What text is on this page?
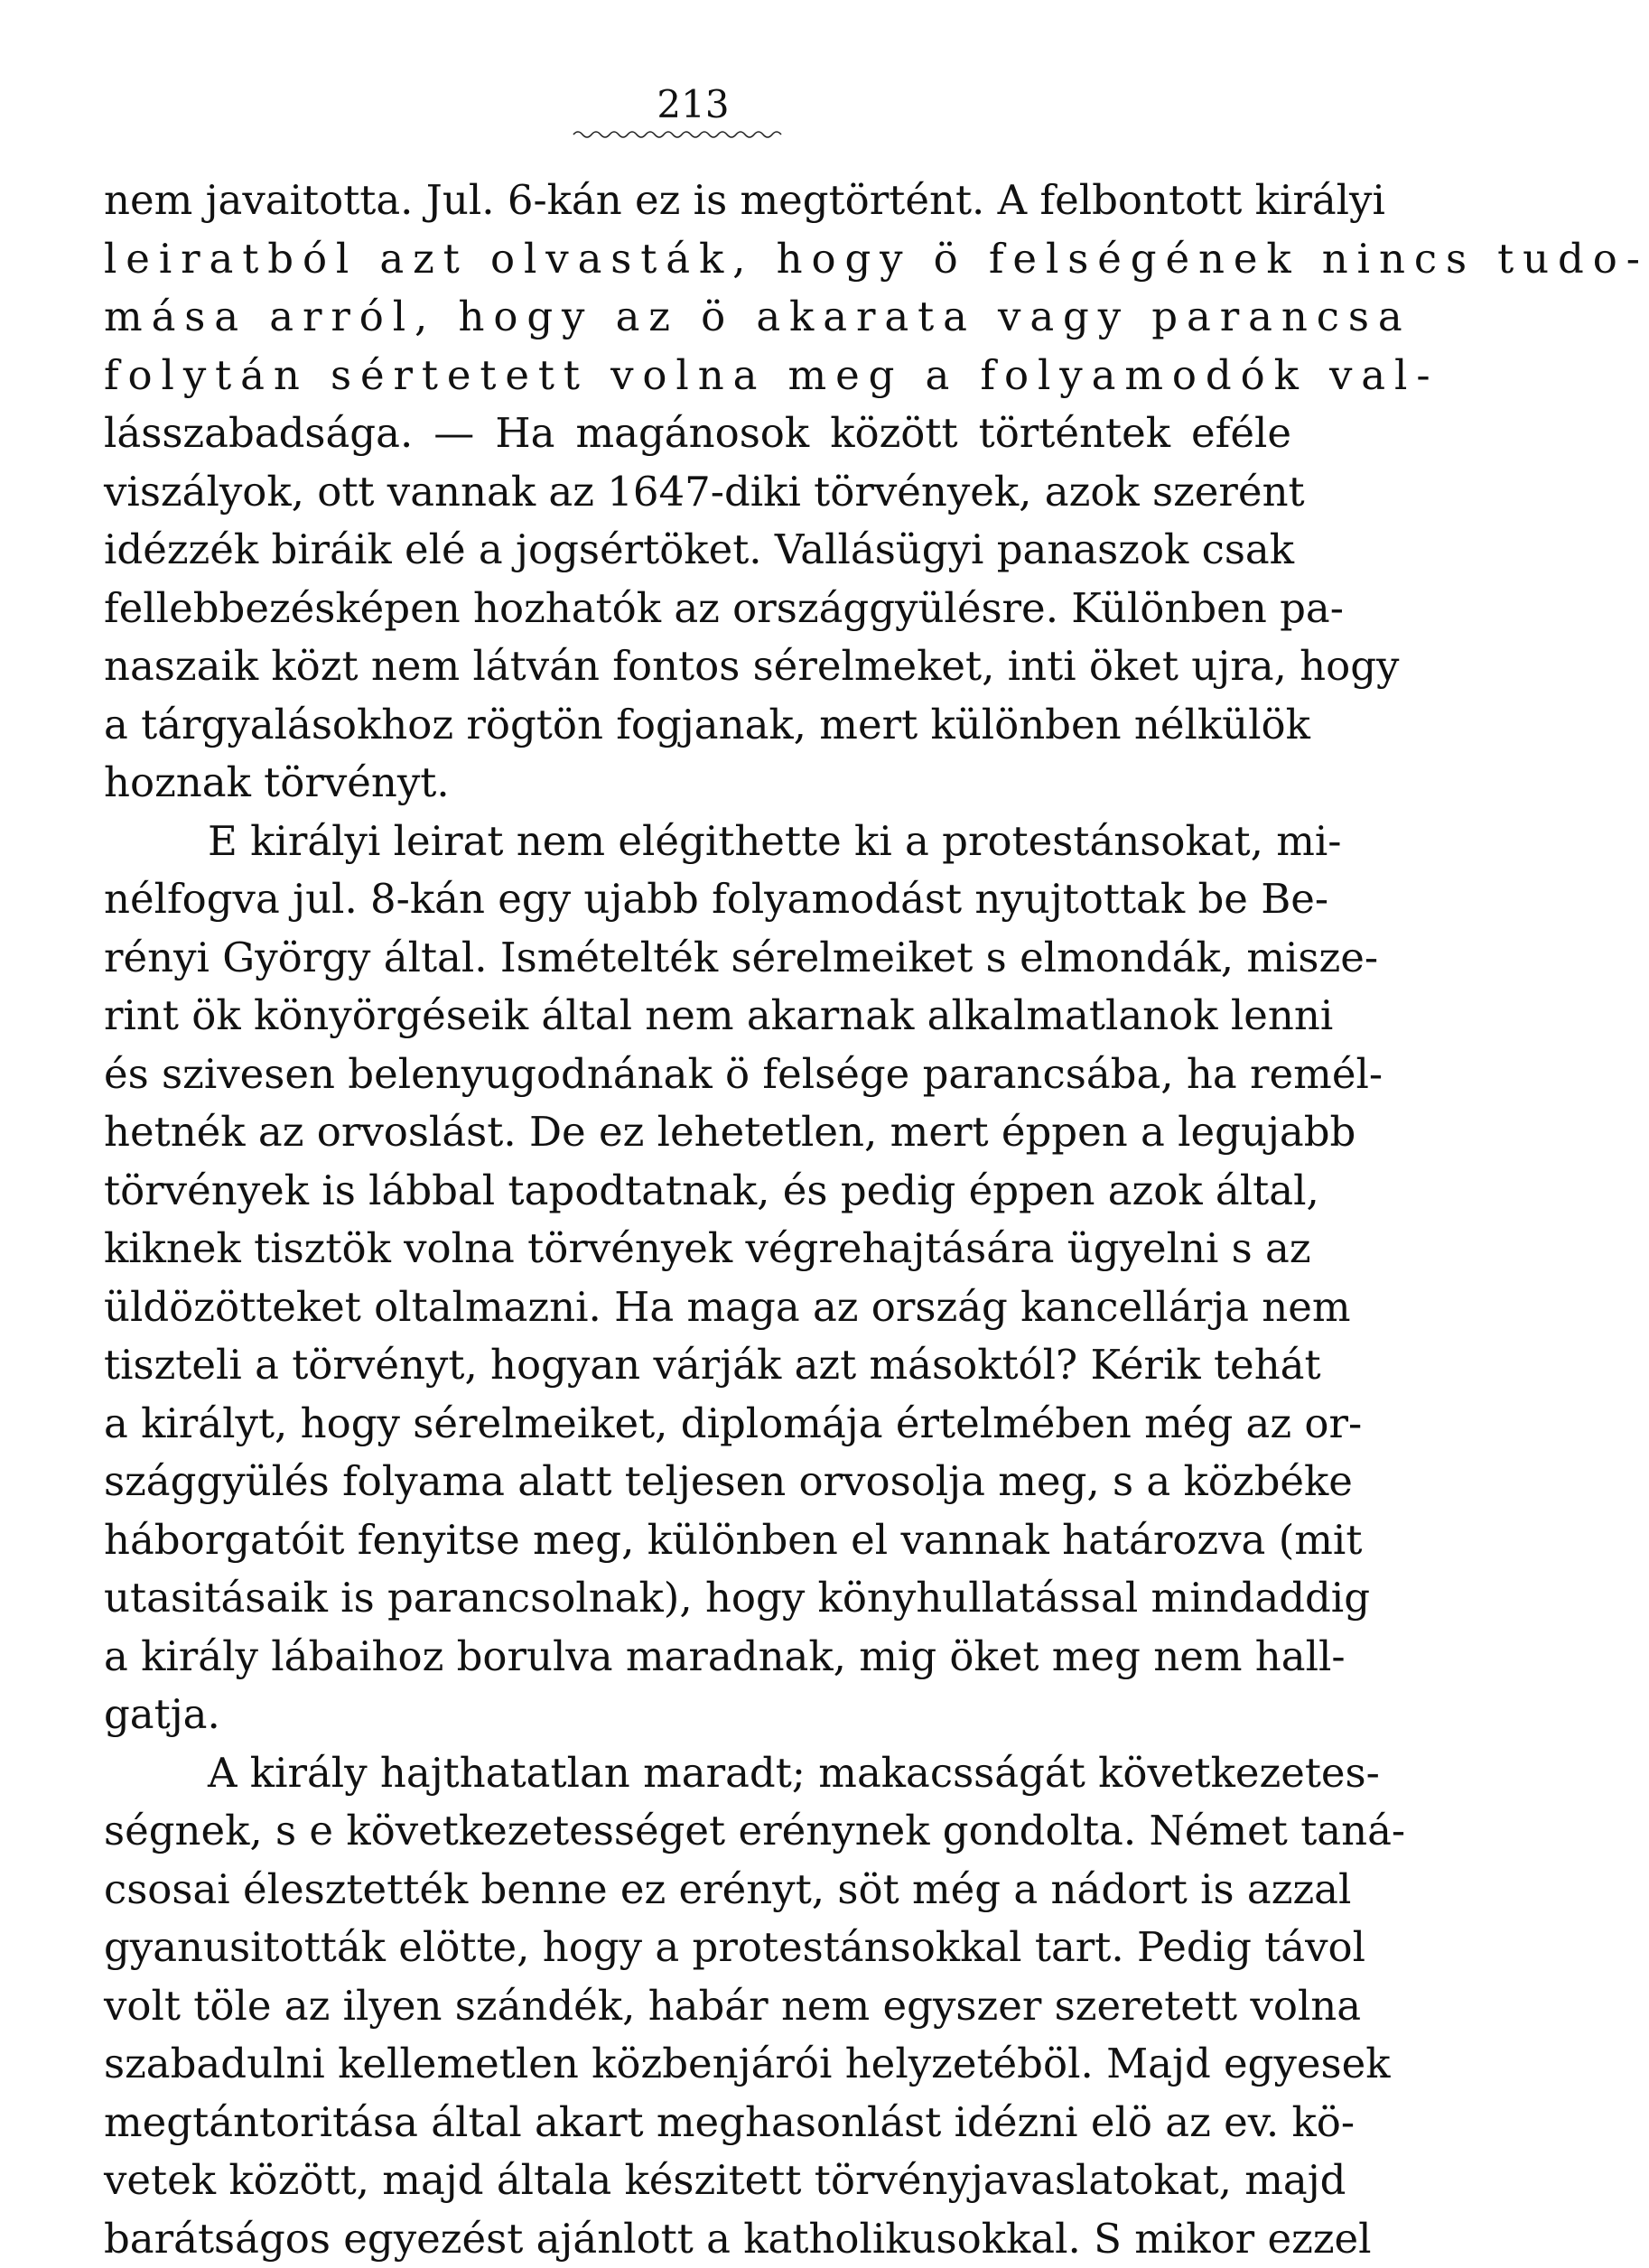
213
nem javaitotta. Jul. 6-kán ez is megtörtént. A felbontott királyi
leiratból azt olvasták, hogy ö felségének nincs tudo-
mása arról, hogy az ö akarata vagy parancsa
folytán sértetett volna meg a folyamodók val-
lásszabadsága. — Ha magánosok között történtek eféle
viszályok, ott vannak az 1647-diki törvények, azok szerént
idézzék biráik elé a jogsértöket. Vallásügyi panaszok csak
fellebbezésképen hozhatók az országgyülésre. Különben pa-
naszaik közt nem látván fontos sérelmeket, inti öket ujra, hogy
a tárgyalásokhoz rögtön fogjanak, mert különben nélkülök
hoznak törvényt.
E királyi leirat nem elégithette ki a protestánsokat, mi-
nélfogva jul. 8-kán egy ujabb folyamodást nyujtottak be Be-
rényi György által. Ismételték sérelmeiket s elmondák, misze-
rint ök könyörgéseik által nem akarnak alkalmatlanok lenni
és szivesen belenyugodnának ö felsége parancsába, ha remél-
hetnék az orvoslást. De ez lehetetlen, mert éppen a legujabb
törvények is lábbal tapodtatnak, és pedig éppen azok által,
kiknek tisztök volna törvények végrehajtására ügyelni s az
üldözötteket oltalmazni. Ha maga az ország kancellárja nem
tiszteli a törvényt, hogyan várják azt másoktól? Kérik tehát
a királyt, hogy sérelmeiket, diplomája értelmében még az or-
szággyülés folyama alatt teljesen orvosolja meg, s a közbéke
háborgatóit fenyitse meg, különben el vannak határozva (mit
utasitásaik is parancsolnak), hogy könyhullatással mindaddig
a király lábaihoz borulva maradnak, mig öket meg nem hall-
gatja.
A király hajthatatlan maradt; makacsságát következetes-
ségnek, s e következetességet erénynek gondolta. Német taná-
csosai élesztették benne ez erényt, söt még a nádort is azzal
gyanusitották elötte, hogy a protestánsokkal tart. Pedig távol
volt töle az ilyen szándék, habár nem egyszer szeretett volna
szabadulni kellemetlen közbenjárói helyzetéböl. Majd egyesek
megtántoritása által akart meghasonlást idézni elö az ev. kö-
vetek között, majd általa készitett törvényjavaslatokat, majd
barátságos egyezést ajánlott a katholikusokkal. S mikor ezzel
